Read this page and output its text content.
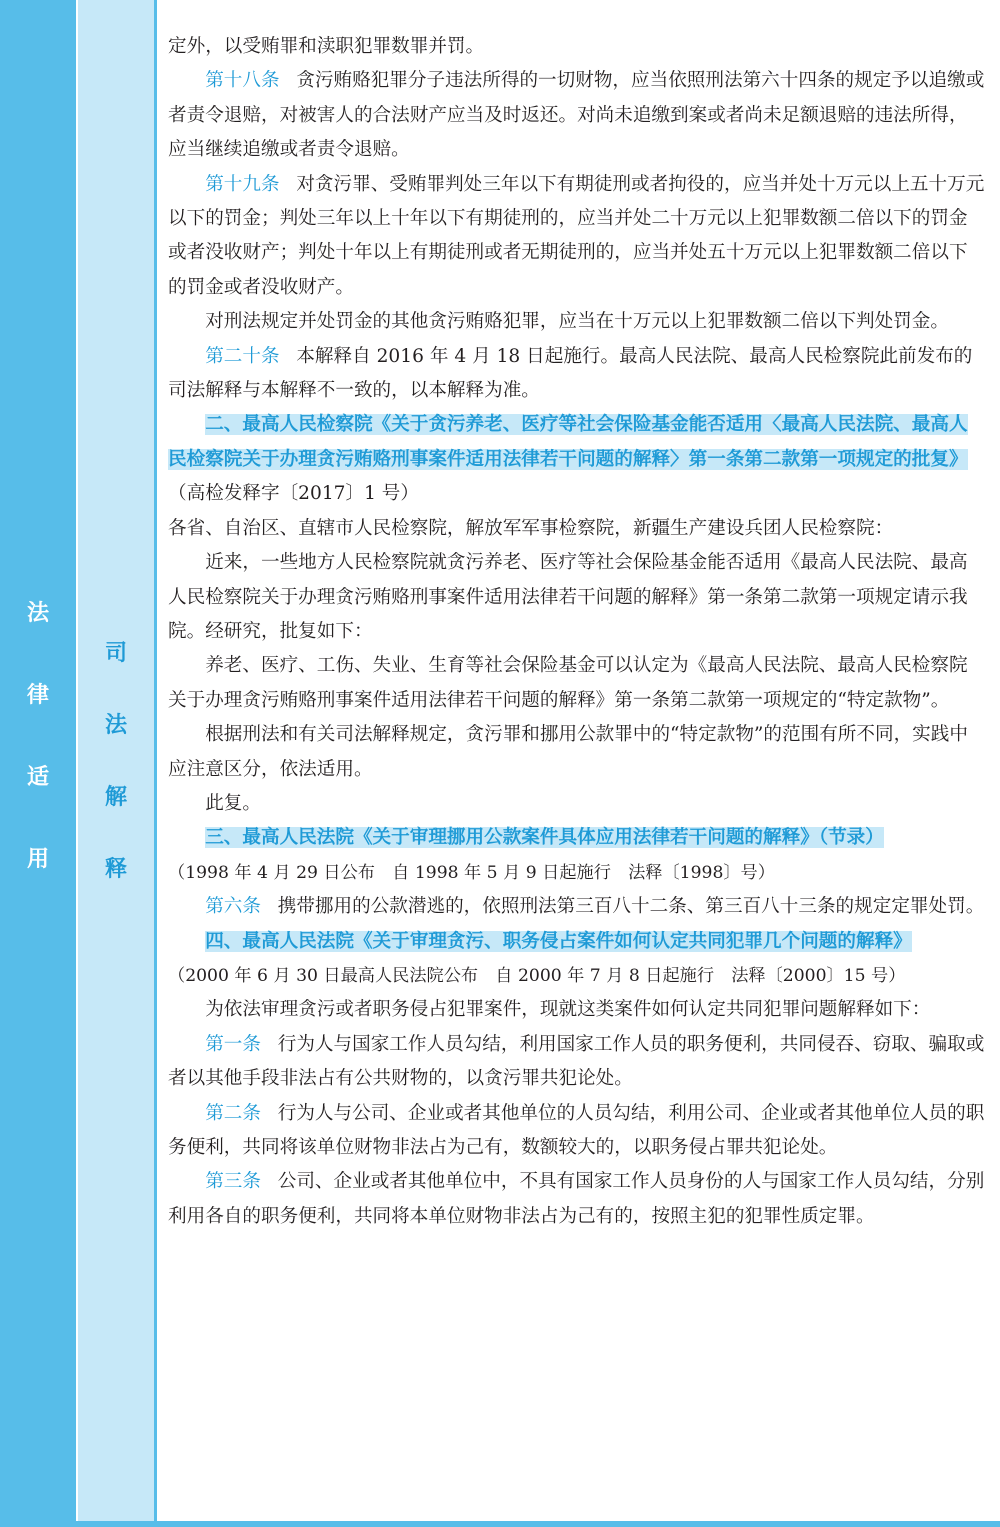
法
律
适
用
司
法
解
释

定外，以受贿罪和渎职犯罪数罪并罚。

第十八条 贪污贿赂犯罪分子违法所得的一切财物，应当依照刑法第六十四条的规定予以追缴或者责令退赔，对被害人的合法财产应当及时返还。对尚未追缴到案或者尚未足额退赔的违法所得，应当继续追缴或者责令退赔。

第十九条 对贪污罪、受贿罪判处三年以下有期徒刑或者拘役的，应当并处十万元以上五十万元以下的罚金；判处三年以上十年以下有期徒刑的，应当并处二十万元以上犯罪数额二倍以下的罚金或者没收财产；判处十年以上有期徒刑或者无期徒刑的，应当并处五十万元以上犯罪数额二倍以下的罚金或者没收财产。

对刑法规定并处罚金的其他贪污贿赂犯罪，应当在十万元以上犯罪数额二倍以下判处罚金。

第二十条 本解释自 2016 年 4 月 18 日起施行。最高人民法院、最高人民检察院此前发布的司法解释与本解释不一致的，以本解释为准。

二、最高人民检察院《关于贪污养老、医疗等社会保险基金能否适用〈最高人民法院、最高人民检察院关于办理贪污贿赂刑事案件适用法律若干问题的解释〉第一条第二款第一项规定的批复》（高检发释字〔2017〕1 号）

各省、自治区、直辖市人民检察院，解放军军事检察院，新疆生产建设兵团人民检察院：

近来，一些地方人民检察院就贪污养老、医疗等社会保险基金能否适用《最高人民法院、最高人民检察院关于办理贪污贿赂刑事案件适用法律若干问题的解释》第一条第二款第一项规定请示我院。经研究，批复如下：

养老、医疗、工伤、失业、生育等社会保险基金可以认定为《最高人民法院、最高人民检察院关于办理贪污贿赂刑事案件适用法律若干问题的解释》第一条第二款第一项规定的“特定款物”。

根据刑法和有关司法解释规定，贪污罪和挪用公款罪中的“特定款物”的范围有所不同，实践中应注意区分，依法适用。

此复。

三、最高人民法院《关于审理挪用公款案件具体应用法律若干问题的解释》（节录）

（1998 年 4 月 29 日公布　自 1998 年 5 月 9 日起施行　法释〔1998〕号）

第六条 携带挪用的公款潜逃的，依照刑法第三百八十二条、第三百八十三条的规定定罪处罚。

四、最高人民法院《关于审理贪污、职务侵占案件如何认定共同犯罪几个问题的解释》

（2000 年 6 月 30 日最高人民法院公布　自 2000 年 7 月 8 日起施行　法释〔2000〕15 号）

为依法审理贪污或者职务侵占犯罪案件，现就这类案件如何认定共同犯罪问题解释如下：

第一条 行为人与国家工作人员勾结，利用国家工作人员的职务便利，共同侵吞、窃取、骗取或者以其他手段非法占有公共财物的，以贪污罪共犯论处。

第二条 行为人与公司、企业或者其他单位的人员勾结，利用公司、企业或者其他单位人员的职务便利，共同将该单位财物非法占为己有，数额较大的，以职务侵占罪共犯论处。

第三条 公司、企业或者其他单位中，不具有国家工作人员身份的人与国家工作人员勾结，分别利用各自的职务便利，共同将本单位财物非法占为己有的，按照主犯的犯罪性质定罪。
